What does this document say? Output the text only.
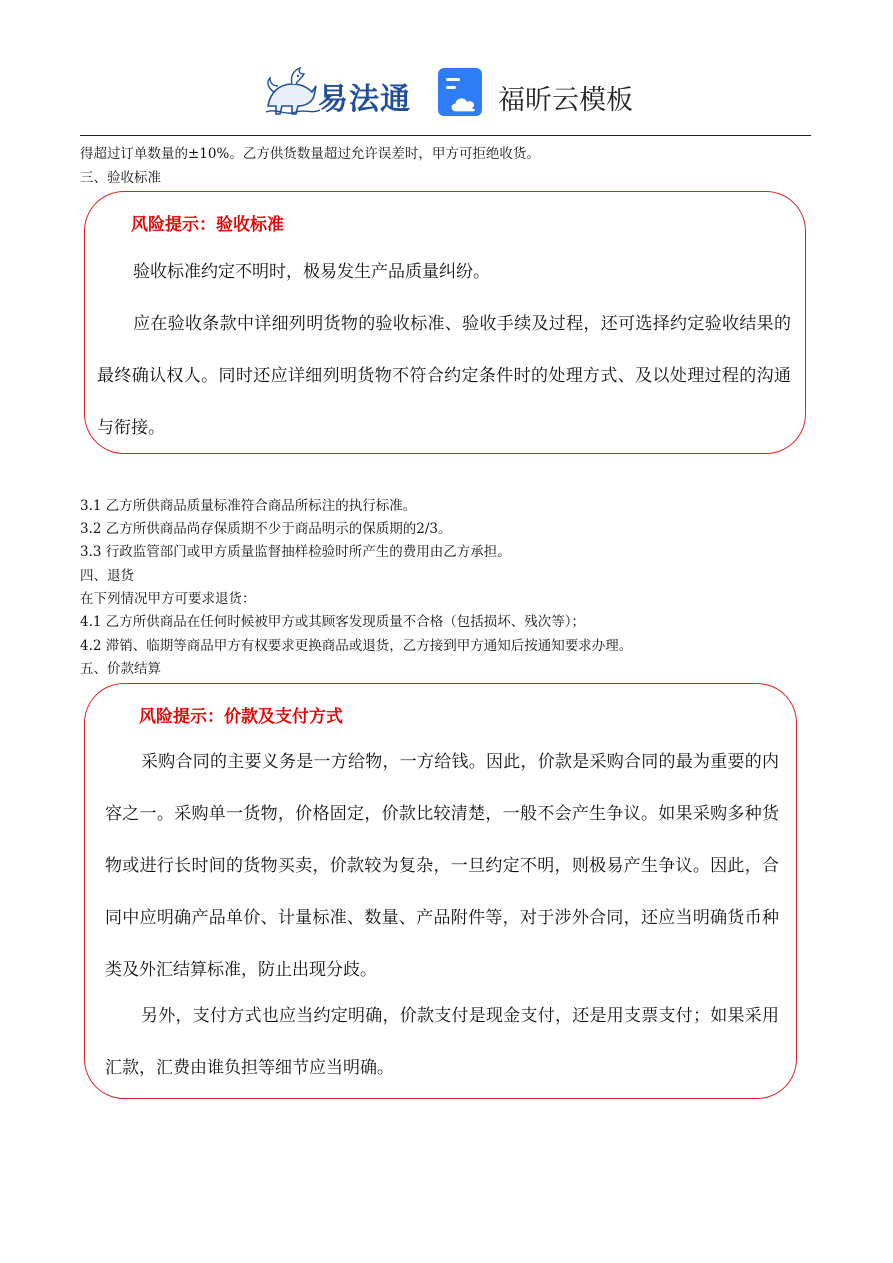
易法通	福昕云模板
得超过订单数量的±10%。乙方供货数量超过允许误差时，甲方可拒绝收货。
三、验收标准
风险提示：验收标准
验收标准约定不明时，极易发生产品质量纠纷。
应在验收条款中详细列明货物的验收标准、验收手续及过程，还可选择约定验收结果的最终确认权人。同时还应详细列明货物不符合约定条件时的处理方式、及以处理过程的沟通与衔接。
3.1 乙方所供商品质量标准符合商品所标注的执行标准。
3.2 乙方所供商品尚存保质期不少于商品明示的保质期的2/3。
3.3 行政监管部门或甲方质量监督抽样检验时所产生的费用由乙方承担。
四、退货
在下列情况甲方可要求退货：
4.1 乙方所供商品在任何时候被甲方或其顾客发现质量不合格（包括损坏、残次等）；
4.2 滞销、临期等商品甲方有权要求更换商品或退货，乙方接到甲方通知后按通知要求办理。
五、价款结算
风险提示：价款及支付方式
采购合同的主要义务是一方给物，一方给钱。因此，价款是采购合同的最为重要的内容之一。采购单一货物，价格固定，价款比较清楚，一般不会产生争议。如果采购多种货物或进行长时间的货物买卖，价款较为复杂，一旦约定不明，则极易产生争议。因此，合同中应明确产品单价、计量标准、数量、产品附件等，对于涉外合同，还应当明确货币种类及外汇结算标准，防止出现分歧。
另外，支付方式也应当约定明确，价款支付是现金支付，还是用支票支付；如果采用汇款，汇费由谁负担等细节应当明确。
